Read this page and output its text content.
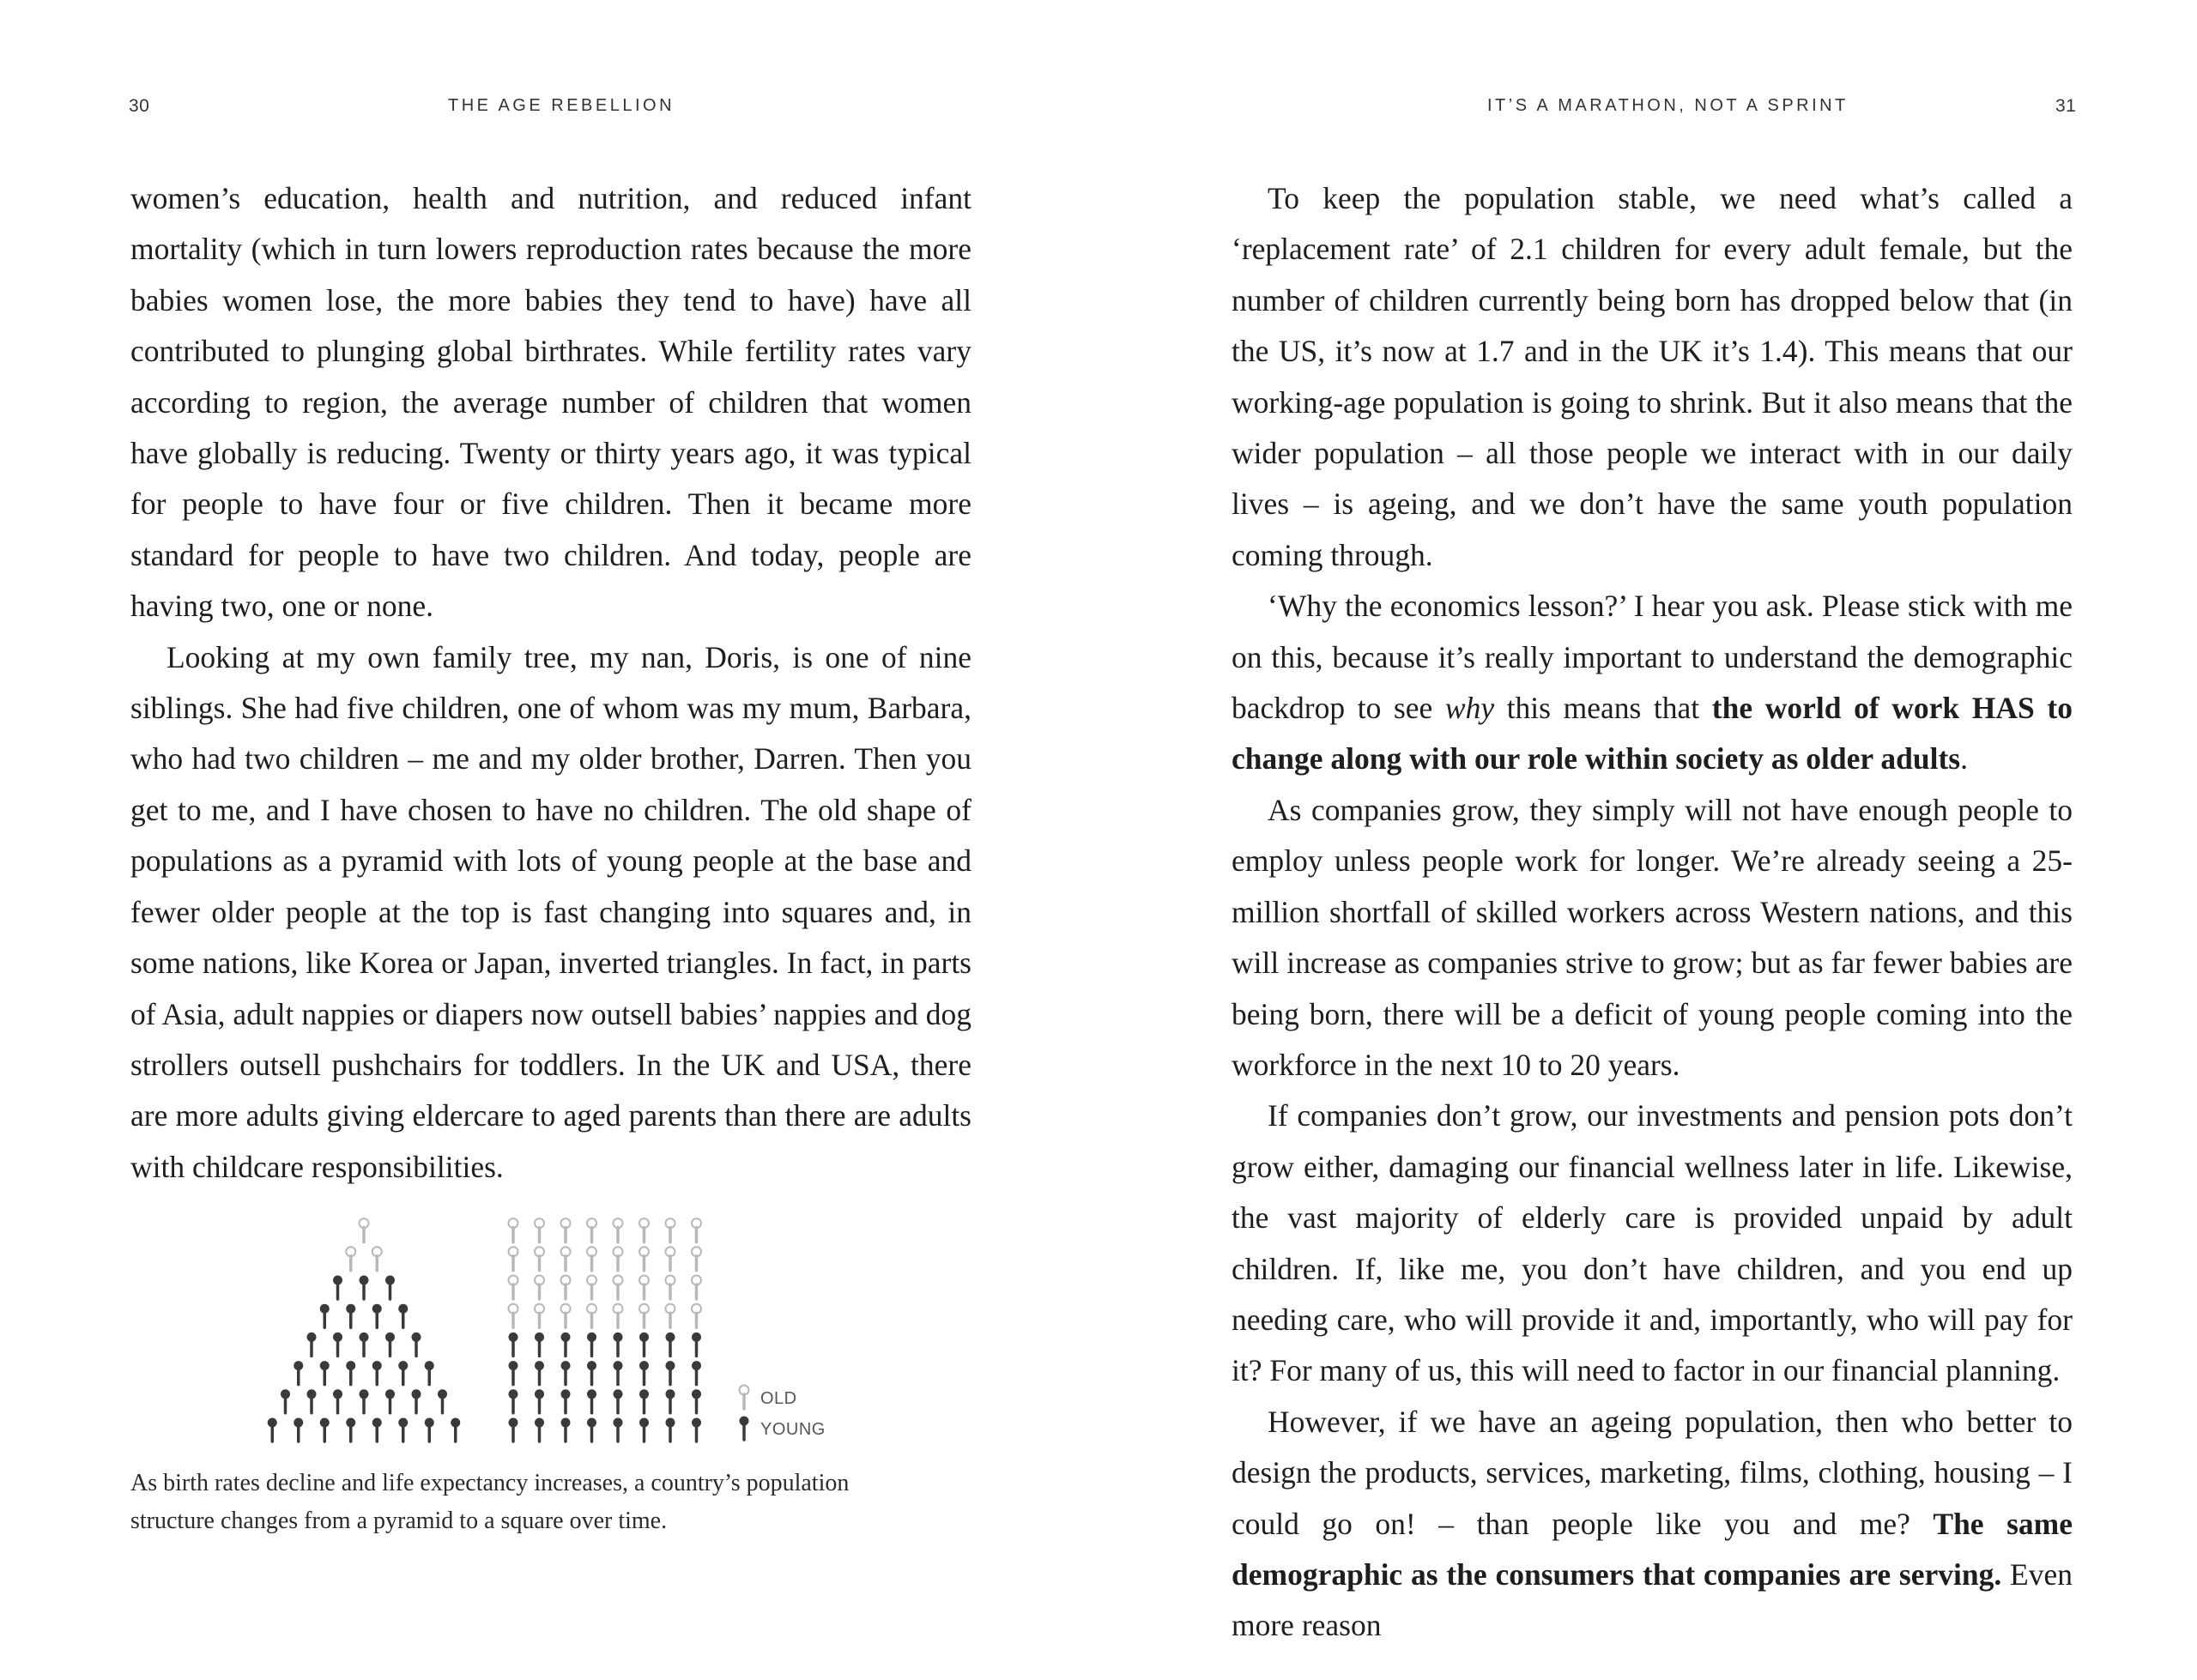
30	THE AGE REBELLION

women’s education, health and nutrition, and reduced infant mortality (which in turn lowers reproduction rates because the more babies women lose, the more babies they tend to have) have all contributed to plunging global birthrates. While fertility rates vary according to region, the average number of children that women have globally is reducing. Twenty or thirty years ago, it was typical for people to have four or five children. Then it became more standard for people to have two children. And today, people are having two, one or none.

Looking at my own family tree, my nan, Doris, is one of nine siblings. She had five children, one of whom was my mum, Barbara, who had two children – me and my older brother, Darren. Then you get to me, and I have chosen to have no children. The old shape of populations as a pyramid with lots of young people at the base and fewer older people at the top is fast changing into squares and, in some nations, like Korea or Japan, inverted triangles. In fact, in parts of Asia, adult nappies or diapers now outsell babies’ nappies and dog strollers outsell pushchairs for toddlers. In the UK and USA, there are more adults giving eldercare to aged parents than there are adults with childcare responsibilities.

OLD
YOUNG
As birth rates decline and life expectancy increases, a country’s population structure changes from a pyramid to a square over time.
IT’S A MARATHON, NOT A SPRINT	31

To keep the population stable, we need what’s called a ‘replacement rate’ of 2.1 children for every adult female, but the number of children currently being born has dropped below that (in the US, it’s now at 1.7 and in the UK it’s 1.4). This means that our working-age population is going to shrink. But it also means that the wider population – all those people we interact with in our daily lives – is ageing, and we don’t have the same youth population coming through.

‘Why the economics lesson?’ I hear you ask. Please stick with me on this, because it’s really important to understand the demographic backdrop to see why this means that the world of work HAS to change along with our role within society as older adults.

As companies grow, they simply will not have enough people to employ unless people work for longer. We’re already seeing a 25-million shortfall of skilled workers across Western nations, and this will increase as companies strive to grow; but as far fewer babies are being born, there will be a deficit of young people coming into the workforce in the next 10 to 20 years.

If companies don’t grow, our investments and pension pots don’t grow either, damaging our financial wellness later in life. Likewise, the vast majority of elderly care is provided unpaid by adult children. If, like me, you don’t have children, and you end up needing care, who will provide it and, importantly, who will pay for it? For many of us, this will need to factor in our financial planning.

However, if we have an ageing population, then who better to design the products, services, marketing, films, clothing, housing – I could go on! – than people like you and me? The same demographic as the consumers that companies are serving. Even more reason
